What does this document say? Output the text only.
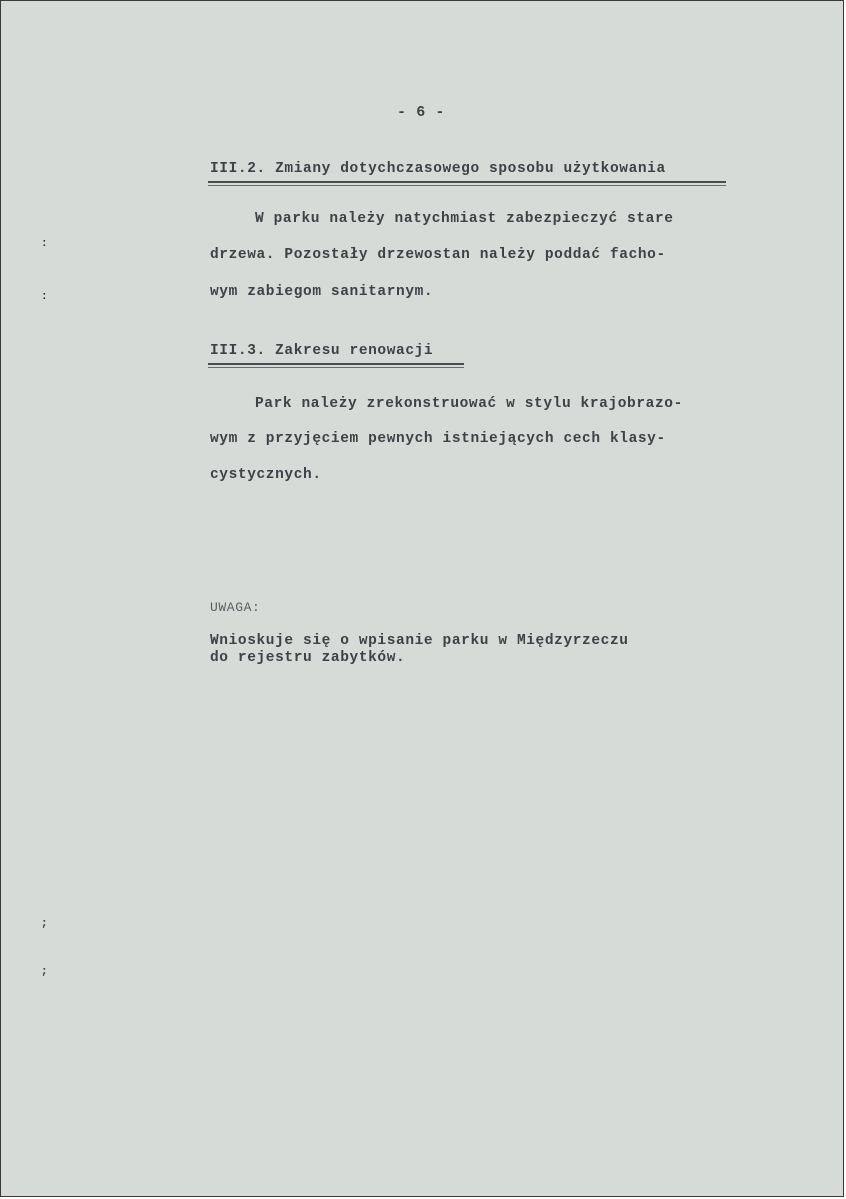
- 6 -
III.2. Zmiany dotychczasowego sposobu użytkowania
W parku należy natychmiast zabezpieczyć stare
drzewa. Pozostały drzewostan należy poddać facho-
wym zabiegom sanitarnym.
III.3. Zakresu renowacji
Park należy zrekonstruować w stylu krajobrazo-
wym z przyjęciem pewnych istniejących cech klasy-
cystycznych.
UWAGA:
Wnioskuje się o wpisanie parku w Międzyrzeczu
do rejestru zabytków.
:
:
;
;
